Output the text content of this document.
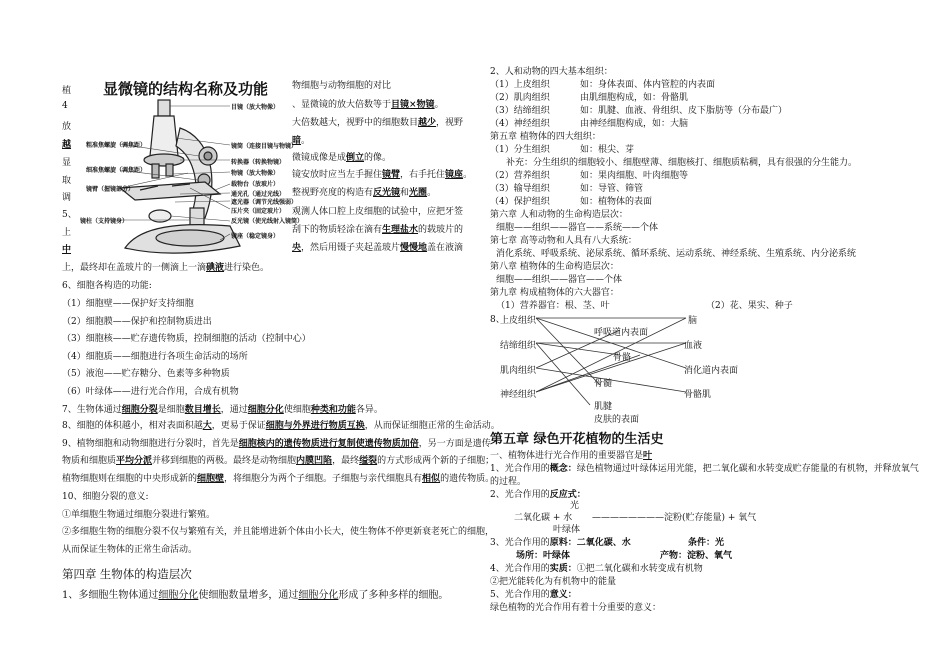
植
4
放
越
显
取
调
5、
上
中
显微镜的结构名称及功能
粗准焦螺旋（调焦距）
细准焦螺旋（调焦距）
镜臂（握镜部分）
镜柱（支持镜身）
目镜（放大物像）
镜筒（连接目镜与物镜）
转换器（转换物镜）
物镜（放大物像）
载物台（放玻片）
通光孔（通过光线）
遮光器（调节光线强弱）
压片夹（固定玻片）
反光镜（使光线射入镜筒）
镜座（稳定镜身）
物细胞与动物细胞的对比
、显微镜的放大倍数等于目镜×物镜。
大倍数越大，视野中的细胞数目越少，视野
暗。
微镜成像是成倒立的像。
镜安放时应当左手握住镜臂，右手托住镜座。
整视野亮度的构造有反光镜和光圈。
观测人体口腔上皮细胞的试验中，应把牙签
刮下的物质轻涂在滴有生理盐水的载玻片的
央，然后用镊子夹起盖玻片慢慢地盖在液滴
上，最终却在盖玻片的一侧滴上一滴碘液进行染色。
6、细胞各构造的功能:
（1）细胞壁——保护好支持细胞
（2）细胞膜——保护和控制物质进出
（3）细胞核——贮存遗传物质，控制细胞的活动（控制中心）
（4）细胞质——细胞进行各项生命活动的场所
（5）液泡——贮存糖分、色素等多种物质
（6）叶绿体——进行光合作用，合成有机物
7、生物体通过细胞分裂是细胞数目增长，通过细胞分化使细胞种类和功能各异。
8、细胞的体积越小，相对表面积越大，更易于保证细胞与外界进行物质互换，从而保证细胞正常的生命活动。
9、植物细胞和动物细胞进行分裂时，首先是细胞核内的遗传物质进行复制使遗传物质加倍，另一方面是遗传
物质和细胞质平均分派并移到细胞的两极。最终是动物细胞内膜凹陷，最终缢裂的方式形成两个新的子细胞；
植物细胞则在细胞的中央形成新的细胞壁，将细胞分为两个子细胞。子细胞与亲代细胞具有相似的遗传物质。
10、细胞分裂的意义:
①单细胞生物通过细胞分裂进行繁殖。
②多细胞生物的细胞分裂不仅与繁殖有关，并且能增进新个体由小长大，使生物体不停更新衰老死亡的细胞，
从而保证生物体的正常生命活动。
第四章 生物体的构造层次
1、多细胞生物体通过细胞分化使细胞数量增多，通过细胞分化形成了多种多样的细胞。
2、人和动物的四大基本组织：
（1）上皮组织	如：身体表面、体内管腔的内表面
（2）肌肉组织	由肌细胞构成，如：骨骼肌
（3）结缔组织	如：肌腱、血液、骨组织、皮下脂肪等（分布最广）
（4）神经组织	由神经细胞构成，如：大脑
第五章 植物体的四大组织：
（1）分生组织	如：根尖、芽
补充：分生组织的细胞较小、细胞壁薄、细胞核打、细胞质粘稠，具有很强的分生能力。
（2）营养组织	如：果肉细胞、叶肉细胞等
（3）输导组织	如：导管、筛管
（4）保护组织	如：植物体的表面
第六章 人和动物的生命构造层次：
细胞——组织——器官——系统——个体
第七章 高等动物和人具有八大系统：
消化系统、呼吸系统、泌尿系统、循环系统、运动系统、神经系统、生殖系统、内分泌系统
第八章 植物体的生命构造层次：
细胞——组织——器官——个体
第九章 构成植物体的六大器官：
（1）营养器官：根、茎、叶	（2）花、果实、种子
8、
上皮组织
结缔组织
肌肉组织
神经组织
呼吸道内表面
骨骼
骨髓
肌腱
皮肤的表面
脑
血液
消化道内表面
骨骼肌
第五章 绿色开花植物的生活史
一、植物体进行光合作用的重要器官是叶
1、光合作用的概念：绿色植物通过叶绿体运用光能，把二氧化碳和水转变成贮存能量的有机物，并释放氧气
的过程。
2、光合作用的反应式：
光
二氧化碳 + 水 ————————淀粉(贮存能量) + 氧气
叶绿体
3、光合作用的原料：二氧化碳、水	条件：光
场所：叶绿体	产物：淀粉、氧气
4、光合作用的实质：①把二氧化碳和水转变成有机物
②把光能转化为有机物中的能量
5、光合作用的意义：
绿色植物的光合作用有着十分重要的意义：
